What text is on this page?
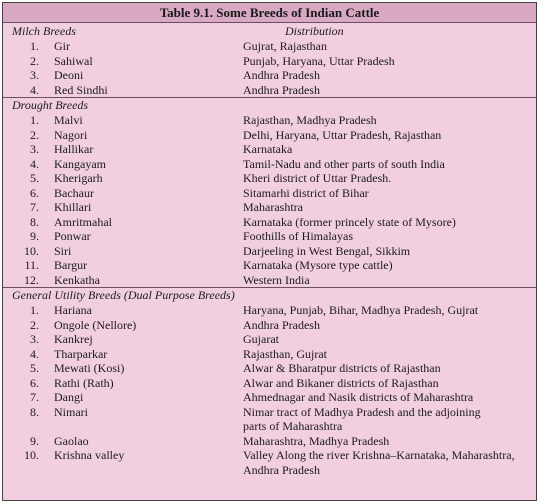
Table 9.1. Some Breeds of Indian Cattle
Milch Breeds	Distribution
1. Gir	Gujrat, Rajasthan
2. Sahiwal	Punjab, Haryana, Uttar Pradesh
3. Deoni	Andhra Pradesh
4. Red Sindhi	Andhra Pradesh
Drought Breeds
1. Malvi	Rajasthan, Madhya Pradesh
2. Nagori	Delhi, Haryana, Uttar Pradesh, Rajasthan
3. Hallikar	Karnataka
4. Kangayam	Tamil-Nadu and other parts of south India
5. Kherigarh	Kheri district of Uttar Pradesh.
6. Bachaur	Sitamarhi district of Bihar
7. Khillari	Maharashtra
8. Amritmahal	Karnataka (former princely state of Mysore)
9. Ponwar	Foothills of Himalayas
10. Siri	Darjeeling in West Bengal, Sikkim
11. Bargur	Karnataka (Mysore type cattle)
12. Kenkatha	Western India
General Utility Breeds (Dual Purpose Breeds)
1. Hariana	Haryana, Punjab, Bihar, Madhya Pradesh, Gujrat
2. Ongole (Nellore)	Andhra Pradesh
3. Kankrej	Gujarat
4. Tharparkar	Rajasthan, Gujrat
5. Mewati (Kosi)	Alwar & Bharatpur districts of Rajasthan
6. Rathi (Rath)	Alwar and Bikaner districts of Rajasthan
7. Dangi	Ahmednagar and Nasik districts of Maharashtra
8. Nimari	Nimar tract of Madhya Pradesh and the adjoining
parts of Maharashtra
9. Gaolao	Maharashtra, Madhya Pradesh
10. Krishna valley	Valley Along the river Krishna–Karnataka, Maharashtra,
Andhra Pradesh
